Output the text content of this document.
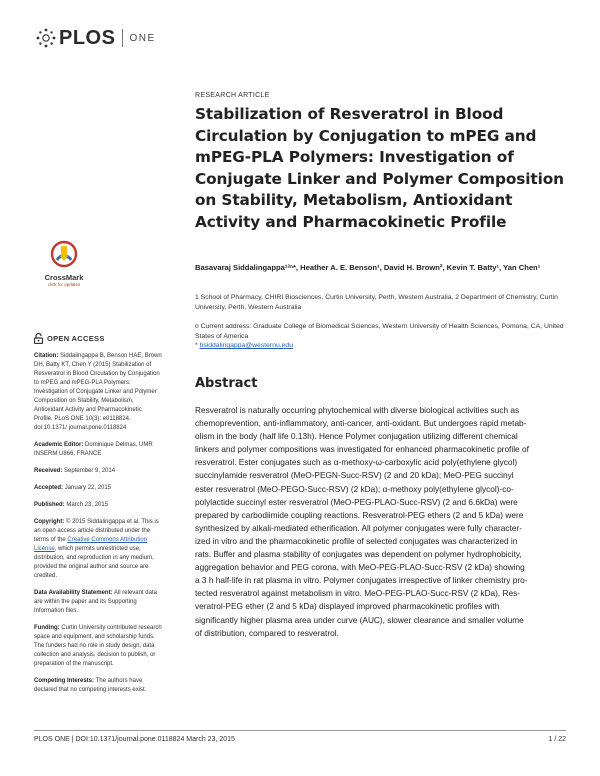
PLOS ONE
CrossMark
click for updates
OPEN ACCESS

Citation: Siddalingappa B, Benson HAE, Brown DH, Batty KT, Chen Y (2015) Stabilization of Resveratrol in Blood Circulation by Conjugation to mPEG and mPEG-PLA Polymers: Investigation of Conjugate Linker and Polymer Composition on Stability, Metabolism, Antioxidant Activity and Pharmacokinetic Profile. PLoS ONE 10(3): e0118824. doi:10.1371/ journal.pone.0118824

Academic Editor: Dominique Delmas, UMR INSERM U866, FRANCE

Received: September 9, 2014

Accepted: January 22, 2015

Published: March 23, 2015

Copyright: © 2015 Siddalingappa et al. This is an open access article distributed under the terms of the Creative Commons Attribution License, which permits unrestricted use, distribution, and reproduction in any medium, provided the original author and source are credited.

Data Availability Statement: All relevant data are within the paper and its Supporting Information files.

Funding: Curtin University contributed research space and equipment, and scholarship funds. The funders had no role in study design, data collection and analysis, decision to publish, or preparation of the manuscript.

Competing Interests: The authors have declared that no competing interests exist.

RESEARCH ARTICLE
Stabilization of Resveratrol in Blood Circulation by Conjugation to mPEG and mPEG-PLA Polymers: Investigation of Conjugate Linker and Polymer Composition on Stability, Metabolism, Antioxidant Activity and Pharmacokinetic Profile
Basavaraj Siddalingappa¹³ⁿ*, Heather A. E. Benson¹, David H. Brown², Kevin T. Batty¹, Yan Chen¹
1 School of Pharmacy, CHIRI Biosciences, Curtin University, Perth, Western Australia, 2 Department of Chemistry, Curtin University, Perth, Western Australia
¤ Current address: Graduate College of Biomedical Sciences, Western University of Health Sciences, Pomona, CA, United States of America
* bsiddalingappa@westernu.edu
Abstract
Resveratrol is naturally occurring phytochemical with diverse biological activities such as
chemoprevention, anti-inflammatory, anti-cancer, anti-oxidant. But undergoes rapid metab-
olism in the body (half life 0.13h). Hence Polymer conjugation utilizing different chemical
linkers and polymer compositions was investigated for enhanced pharmacokinetic profile of
resveratrol. Ester conjugates such as α-methoxy-ω-carboxylic acid poly(ethylene glycol)
succinylamide resveratrol (MeO-PEGN-Succ-RSV) (2 and 20 kDa); MeO-PEG succinyl
ester resveratrol (MeO-PEGO-Succ-RSV) (2 kDa); α-methoxy poly(ethylene glycol)-co-
polylactide succinyl ester resveratrol (MeO-PEG-PLAO-Succ-RSV) (2 and 6.6kDa) were
prepared by carbodiimide coupling reactions. Resveratrol-PEG ethers (2 and 5 kDa) were
synthesized by alkali-mediated etherification. All polymer conjugates were fully character-
ized in vitro and the pharmacokinetic profile of selected conjugates was characterized in
rats. Buffer and plasma stability of conjugates was dependent on polymer hydrophobicity,
aggregation behavior and PEG corona, with MeO-PEG-PLAO-Succ-RSV (2 kDa) showing
a 3 h half-life in rat plasma in vitro. Polymer conjugates irrespective of linker chemistry pro-
tected resveratrol against metabolism in vitro. MeO-PEG-PLAO-Succ-RSV (2 kDa), Res-
veratrol-PEG ether (2 and 5 kDa) displayed improved pharmacokinetic profiles with
significantly higher plasma area under curve (AUC), slower clearance and smaller volume
of distribution, compared to resveratrol.
PLOS ONE | DOI:10.1371/journal.pone.0118824 March 23, 2015	1 / 22
